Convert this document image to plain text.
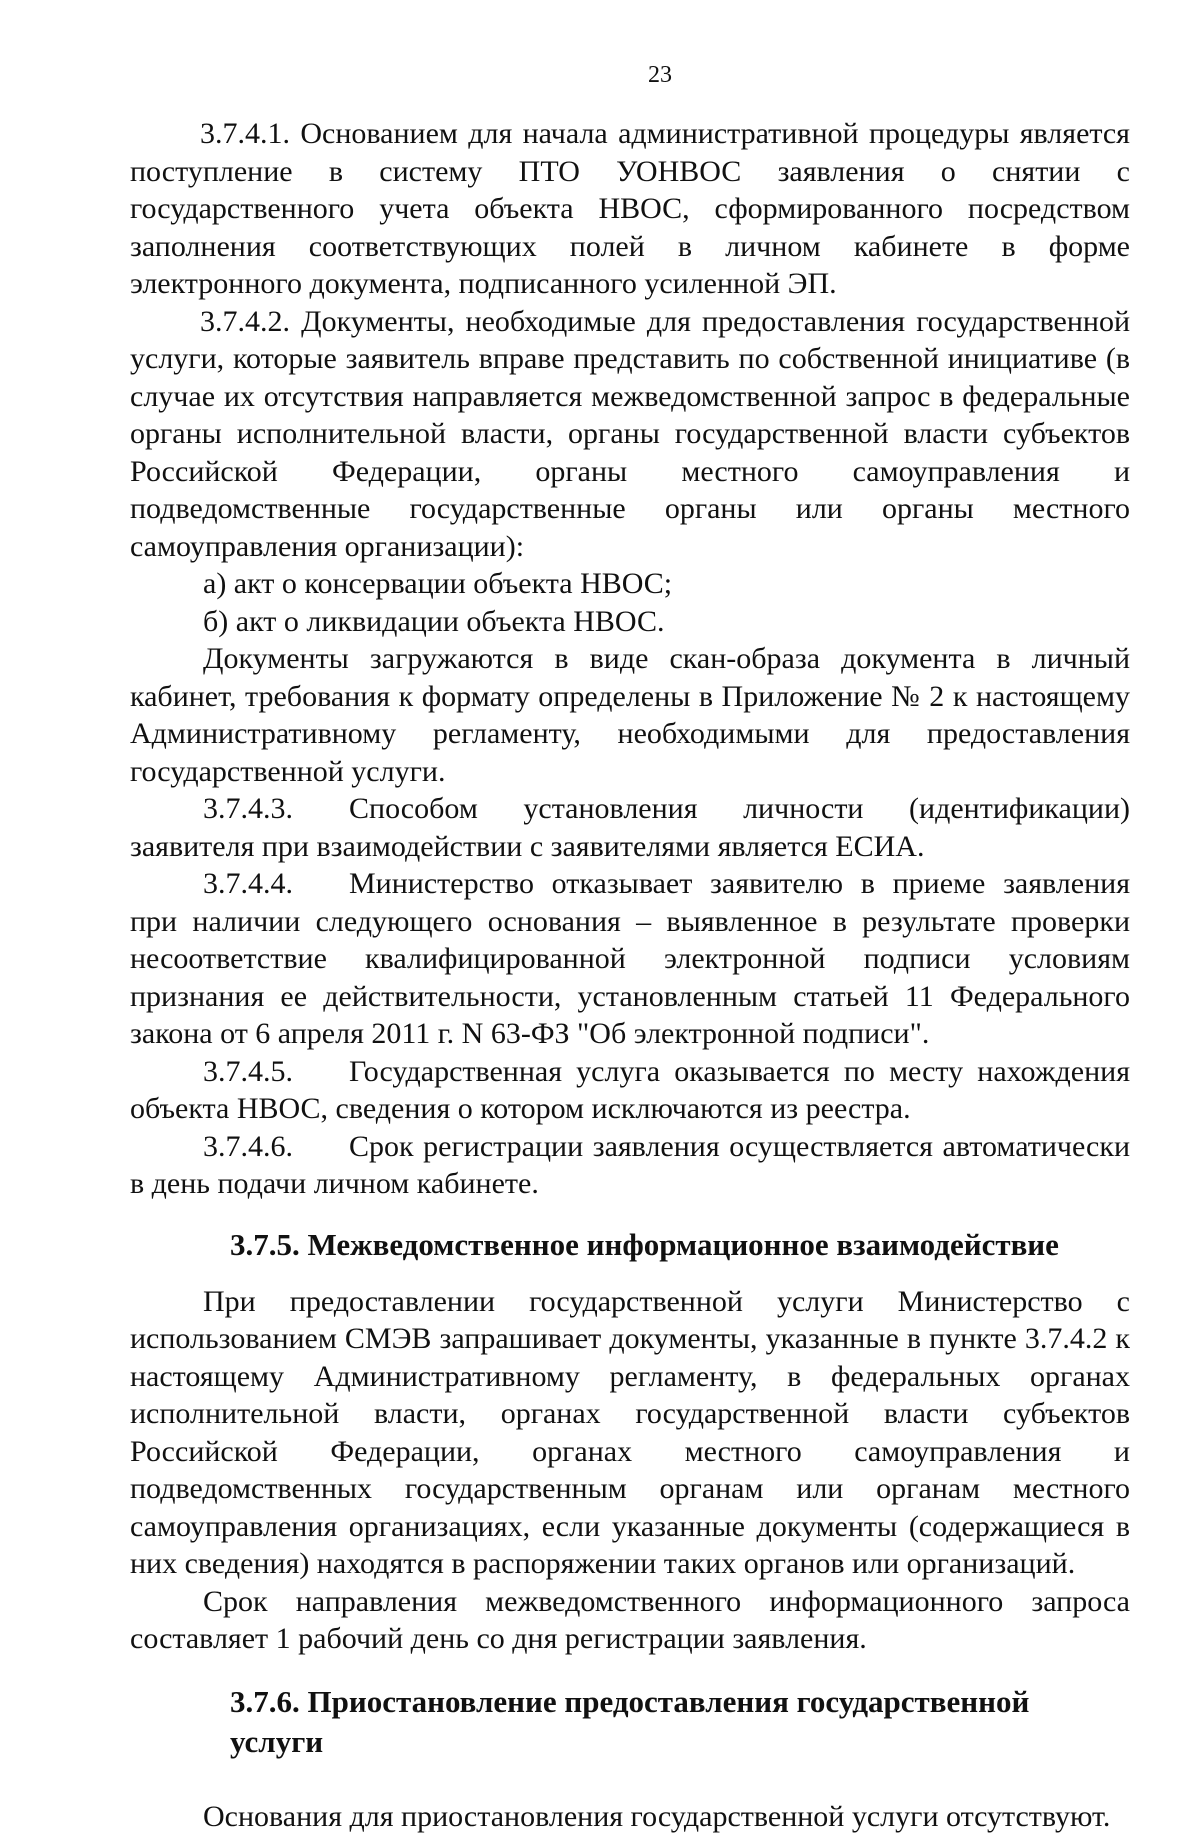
23

3.7.4.1. Основанием для начала административной процедуры является поступление в систему ПТО УОНВОС заявления о снятии с государственного учета объекта НВОС, сформированного посредством заполнения соответствующих полей в личном кабинете в форме электронного документа, подписанного усиленной ЭП.

3.7.4.2. Документы, необходимые для предоставления государственной услуги, которые заявитель вправе представить по собственной инициативе (в случае их отсутствия направляется межведомственной запрос в федеральные органы исполнительной власти, органы государственной власти субъектов Российской Федерации, органы местного самоуправления и подведомственные государственные органы или органы местного самоуправления организации):

а) акт о консервации объекта НВОС;

б) акт о ликвидации объекта НВОС.

Документы загружаются в виде скан-образа документа в личный кабинет, требования к формату определены в Приложение № 2 к настоящему Административному регламенту, необходимыми для предоставления государственной услуги.

3.7.4.3. Способом установления личности (идентификации) заявителя при взаимодействии с заявителями является ЕСИА.

3.7.4.4. Министерство отказывает заявителю в приеме заявления при наличии следующего основания – выявленное в результате проверки несоответствие квалифицированной электронной подписи условиям признания ее действительности, установленным статьей 11 Федерального закона от 6 апреля 2011 г. N 63-ФЗ "Об электронной подписи".

3.7.4.5. Государственная услуга оказывается по месту нахождения объекта НВОС, сведения о котором исключаются из реестра.

3.7.4.6. Срок регистрации заявления осуществляется автоматически в день подачи личном кабинете.

3.7.5. Межведомственное информационное взаимодействие

При предоставлении государственной услуги Министерство с использованием СМЭВ запрашивает документы, указанные в пункте 3.7.4.2 к настоящему Административному регламенту, в федеральных органах исполнительной власти, органах государственной власти субъектов Российской Федерации, органах местного самоуправления и подведомственных государственным органам или органам местного самоуправления организациях, если указанные документы (содержащиеся в них сведения) находятся в распоряжении таких органов или организаций.

Срок направления межведомственного информационного запроса составляет 1 рабочий день со дня регистрации заявления.

3.7.6. Приостановление предоставления государственной услуги

Основания для приостановления государственной услуги отсутствуют.
